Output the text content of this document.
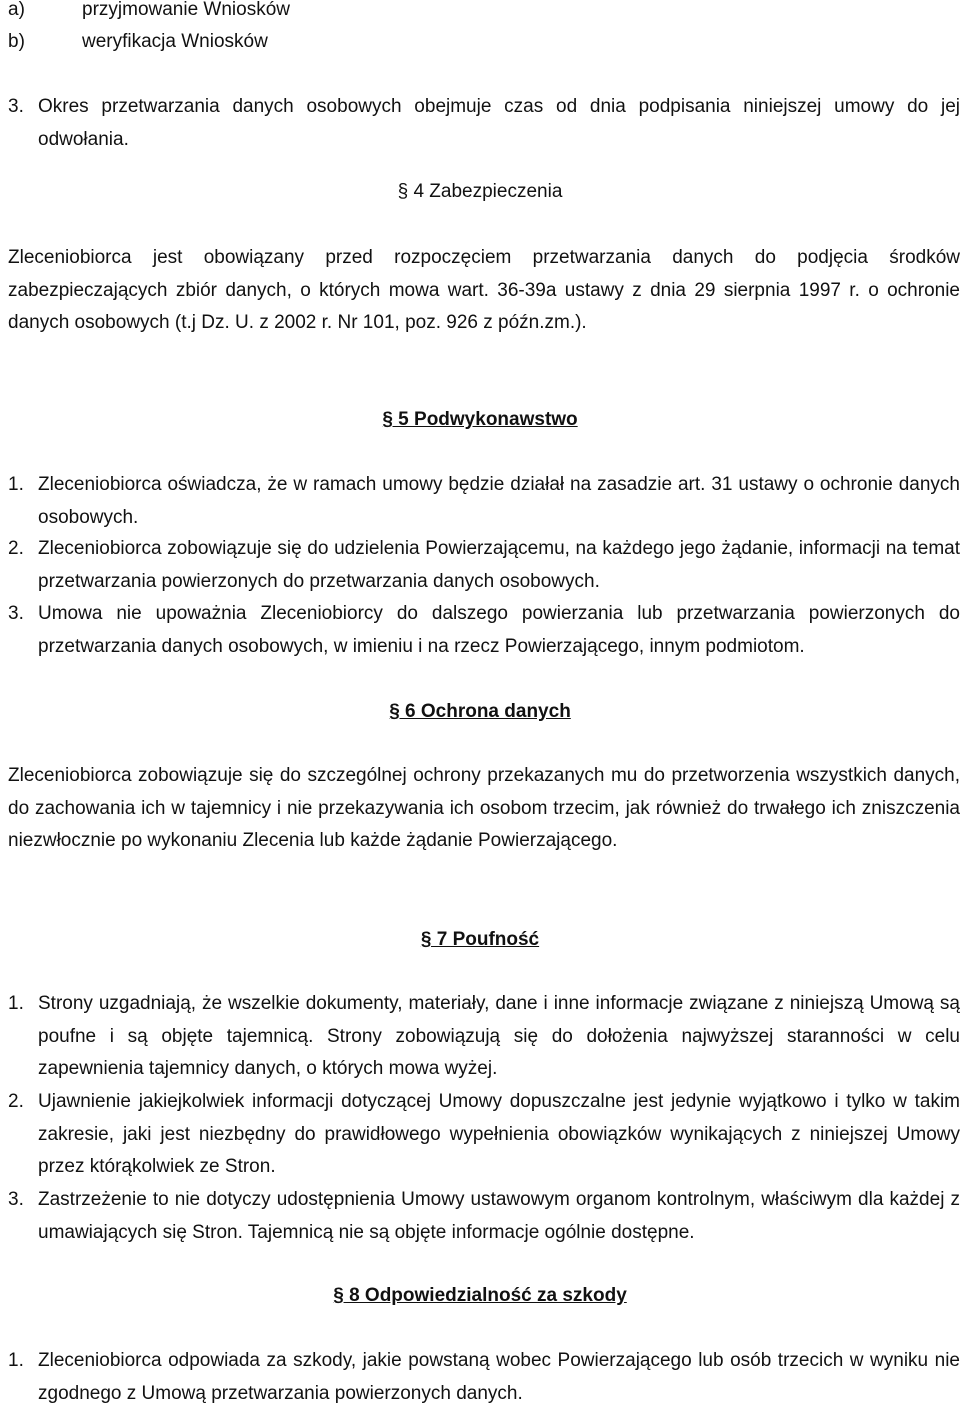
a)	przyjmowanie Wniosków
b)	weryfikacja Wniosków
3. Okres przetwarzania danych osobowych obejmuje czas od dnia podpisania niniejszej umowy do jej odwołania.
§ 4 Zabezpieczenia
Zleceniobiorca jest obowiązany przed rozpoczęciem przetwarzania danych do podjęcia środków zabezpieczających zbiór danych, o których mowa wart. 36-39a ustawy z dnia 29 sierpnia 1997 r. o ochronie danych osobowych (t.j Dz. U. z 2002 r. Nr 101, poz. 926 z późn.zm.).
§ 5 Podwykonawstwo
1. Zleceniobiorca oświadcza, że w ramach umowy będzie działał na zasadzie art. 31 ustawy o ochronie danych osobowych.
2. Zleceniobiorca zobowiązuje się do udzielenia Powierzającemu, na każdego jego żądanie, informacji na temat przetwarzania powierzonych do przetwarzania danych osobowych.
3. Umowa nie upoważnia Zleceniobiorcy do dalszego powierzania lub przetwarzania powierzonych do przetwarzania danych osobowych, w imieniu i na rzecz Powierzającego, innym podmiotom.
§ 6 Ochrona danych
Zleceniobiorca zobowiązuje się do szczególnej ochrony przekazanych mu do przetworzenia wszystkich danych, do zachowania ich w tajemnicy i nie przekazywania ich osobom trzecim, jak również do trwałego ich zniszczenia niezwłocznie po wykonaniu Zlecenia lub każde żądanie Powierzającego.
§ 7 Poufność
1. Strony uzgadniają, że wszelkie dokumenty, materiały, dane i inne informacje związane z niniejszą Umową są poufne i są objęte tajemnicą. Strony zobowiązują się do dołożenia najwyższej staranności w celu zapewnienia tajemnicy danych, o których mowa wyżej.
2. Ujawnienie jakiejkolwiek informacji dotyczącej Umowy dopuszczalne jest jedynie wyjątkowo i tylko w takim zakresie, jaki jest niezbędny do prawidłowego wypełnienia obowiązków wynikających z niniejszej Umowy przez którąkolwiek ze Stron.
3. Zastrzeżenie to nie dotyczy udostępnienia Umowy ustawowym organom kontrolnym, właściwym dla każdej z umawiających się Stron. Tajemnicą nie są objęte informacje ogólnie dostępne.
§ 8 Odpowiedzialność za szkody
1. Zleceniobiorca odpowiada za szkody, jakie powstaną wobec Powierzającego lub osób trzecich w wyniku nie zgodnego z Umową przetwarzania powierzonych danych.
